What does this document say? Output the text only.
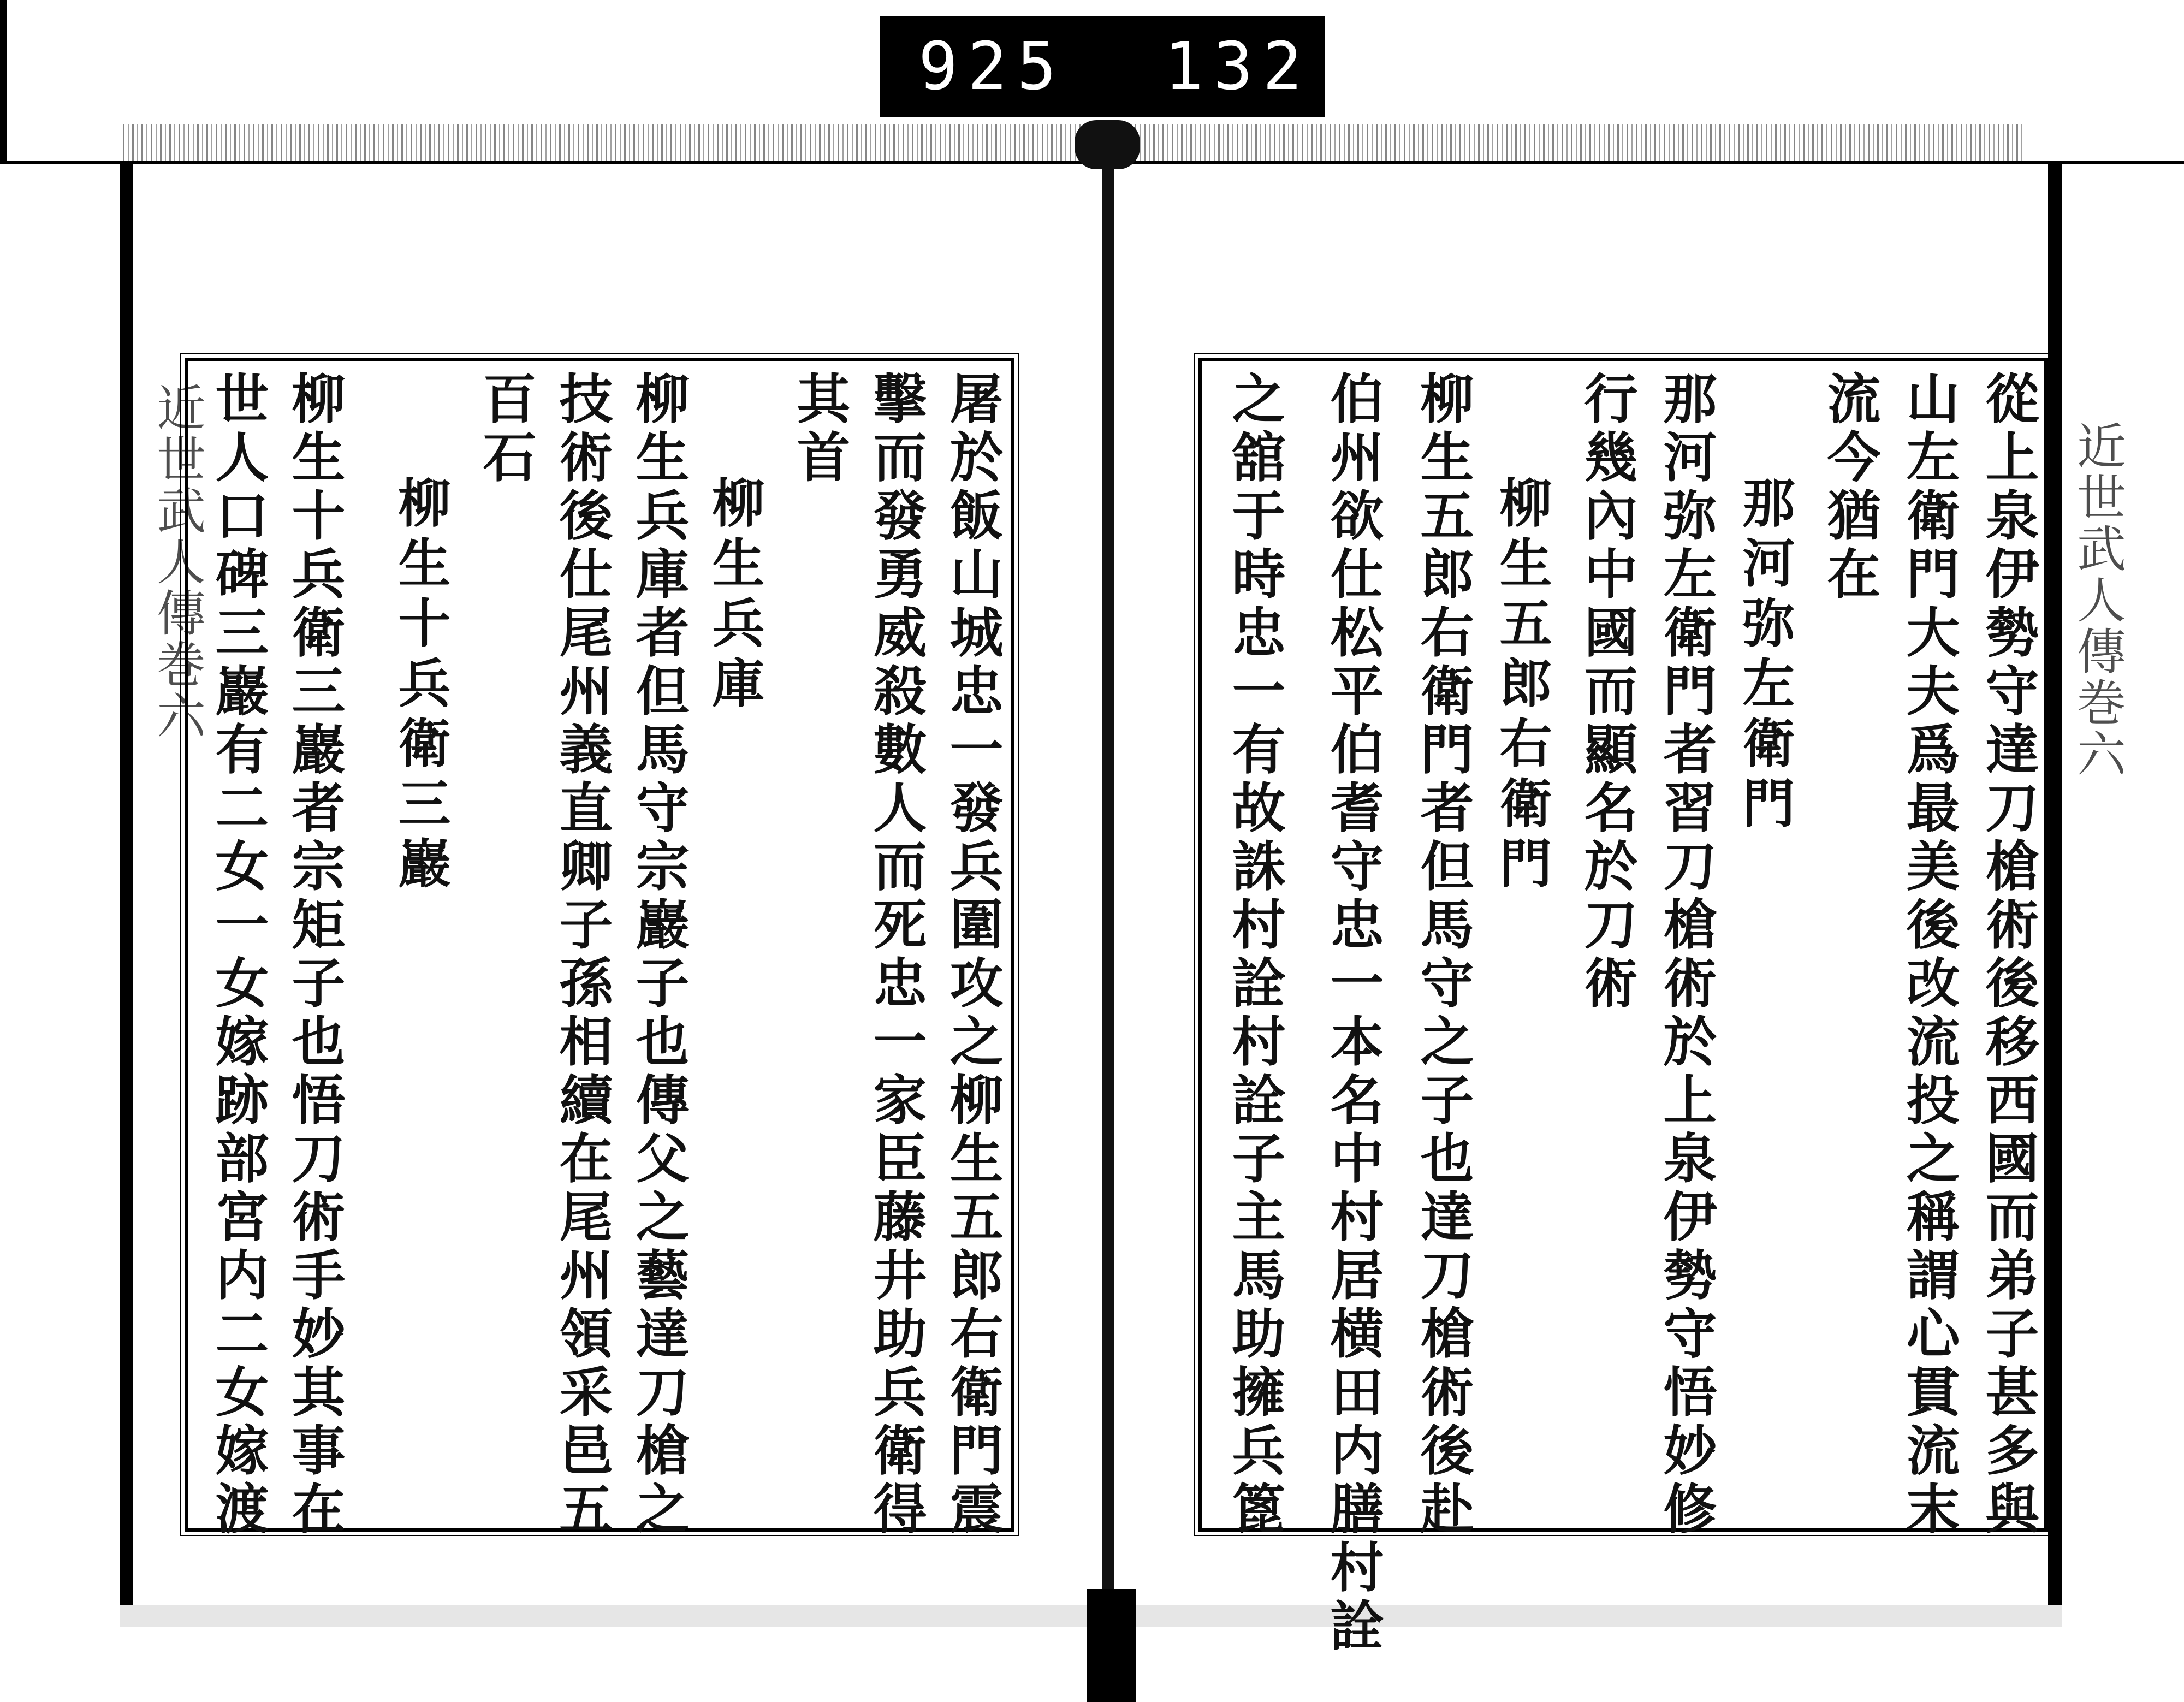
925 132.
近世武人傳巻六	近世武人傳巻六
屠於飯山城忠一發兵圍攻之柳生五郎右衛門震
擊而發勇威殺數人而死忠一家臣藤井助兵衛得
其首
柳生兵庫
柳生兵庫者但馬守宗巖子也傳父之藝達刀槍之
技術後仕尾州義直卿子孫相續在尾州領采邑五
百石
柳生十兵衛三巖
柳生十兵衛三巖者宗矩子也悟刀術手妙其事在
世人口碑三巖有二女一女嫁跡部宮内二女嫁渡	從上泉伊勢守達刀槍術後移西國而弟子甚多與
山左衛門大夫爲最美後改流投之稱謂心貫流末
流今猶在
那河弥左衛門
那河弥左衛門者習刀槍術於上泉伊勢守悟妙修
行幾內中國而顯名於刀術
柳生五郎右衛門
柳生五郎右衛門者但馬守之子也達刀槍術後赴
伯州欲仕松平伯耆守忠一本名中村居横田内膳村詮
之舘于時忠一有故誅村詮村詮子主馬助擁兵篦
